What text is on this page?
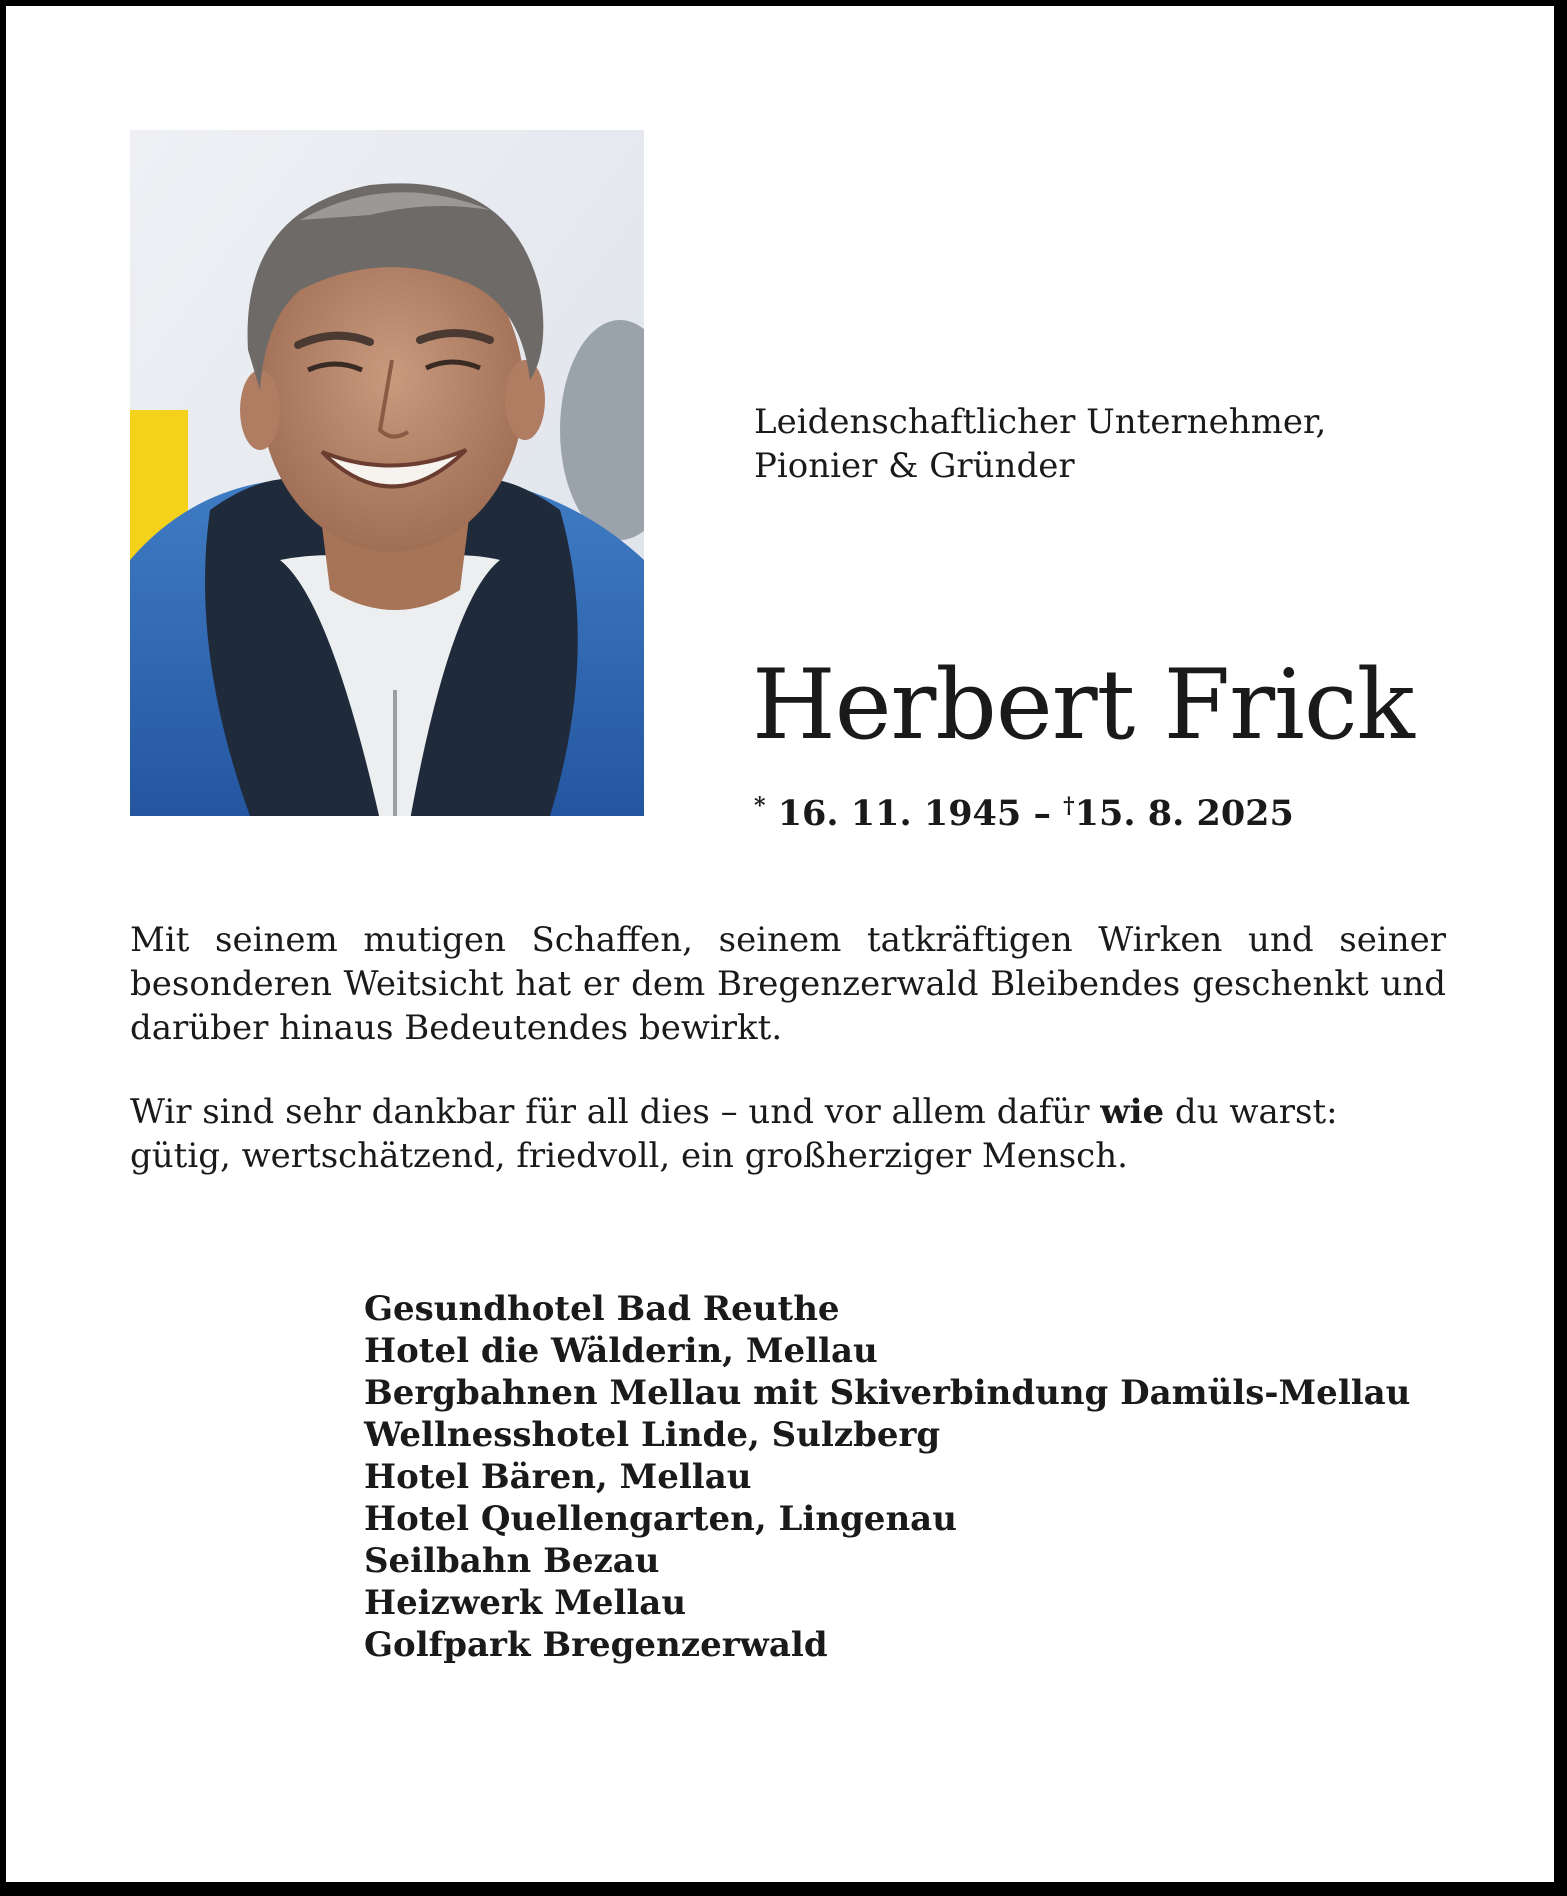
Leidenschaftlicher Unternehmer,
Pionier & Gründer

Herbert Frick

* 16. 11. 1945 – †15. 8. 2025

Mit seinem mutigen Schaffen, seinem tatkräftigen Wirken und seiner besonderen Weitsicht hat er dem Bregenzerwald Bleibendes geschenkt und darüber hinaus Bedeutendes bewirkt.

Wir sind sehr dankbar für all dies – und vor allem dafür wie du warst: gütig, wertschätzend, friedvoll, ein großherziger Mensch.

Gesundhotel Bad Reuthe
Hotel die Wälderin, Mellau
Bergbahnen Mellau mit Skiverbindung Damüls-Mellau
Wellnesshotel Linde, Sulzberg
Hotel Bären, Mellau
Hotel Quellengarten, Lingenau
Seilbahn Bezau
Heizwerk Mellau
Golfpark Bregenzerwald
